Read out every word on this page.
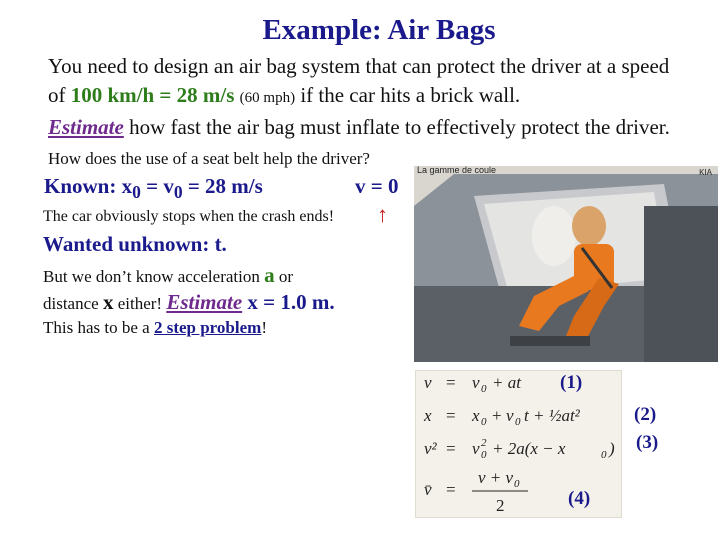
Example: Air Bags
You need to design an air bag system that can protect the driver at a speed of 100 km/h = 28 m/s (60 mph) if the car hits a brick wall.
Estimate how fast the air bag must inflate to effectively protect the driver. How does the use of a seat belt help the driver?
Known: $x_0 = v_0 = 28$ m/s	v = 0
The car obviously stops when the crash ends! ↑
Wanted unknown: t.
But we don’t know acceleration a or
distance x either! Estimate x = 1.0 m.
This has to be a 2 step problem!
La gamme de coule	KIA
v = v 0 + at
x = x 0 + v 0 t + ½at²
v² = v 0
2 + 2a(x − x	0 )
v̄ =
v + v 0
2
(1)
(2)
(3)
(4)
